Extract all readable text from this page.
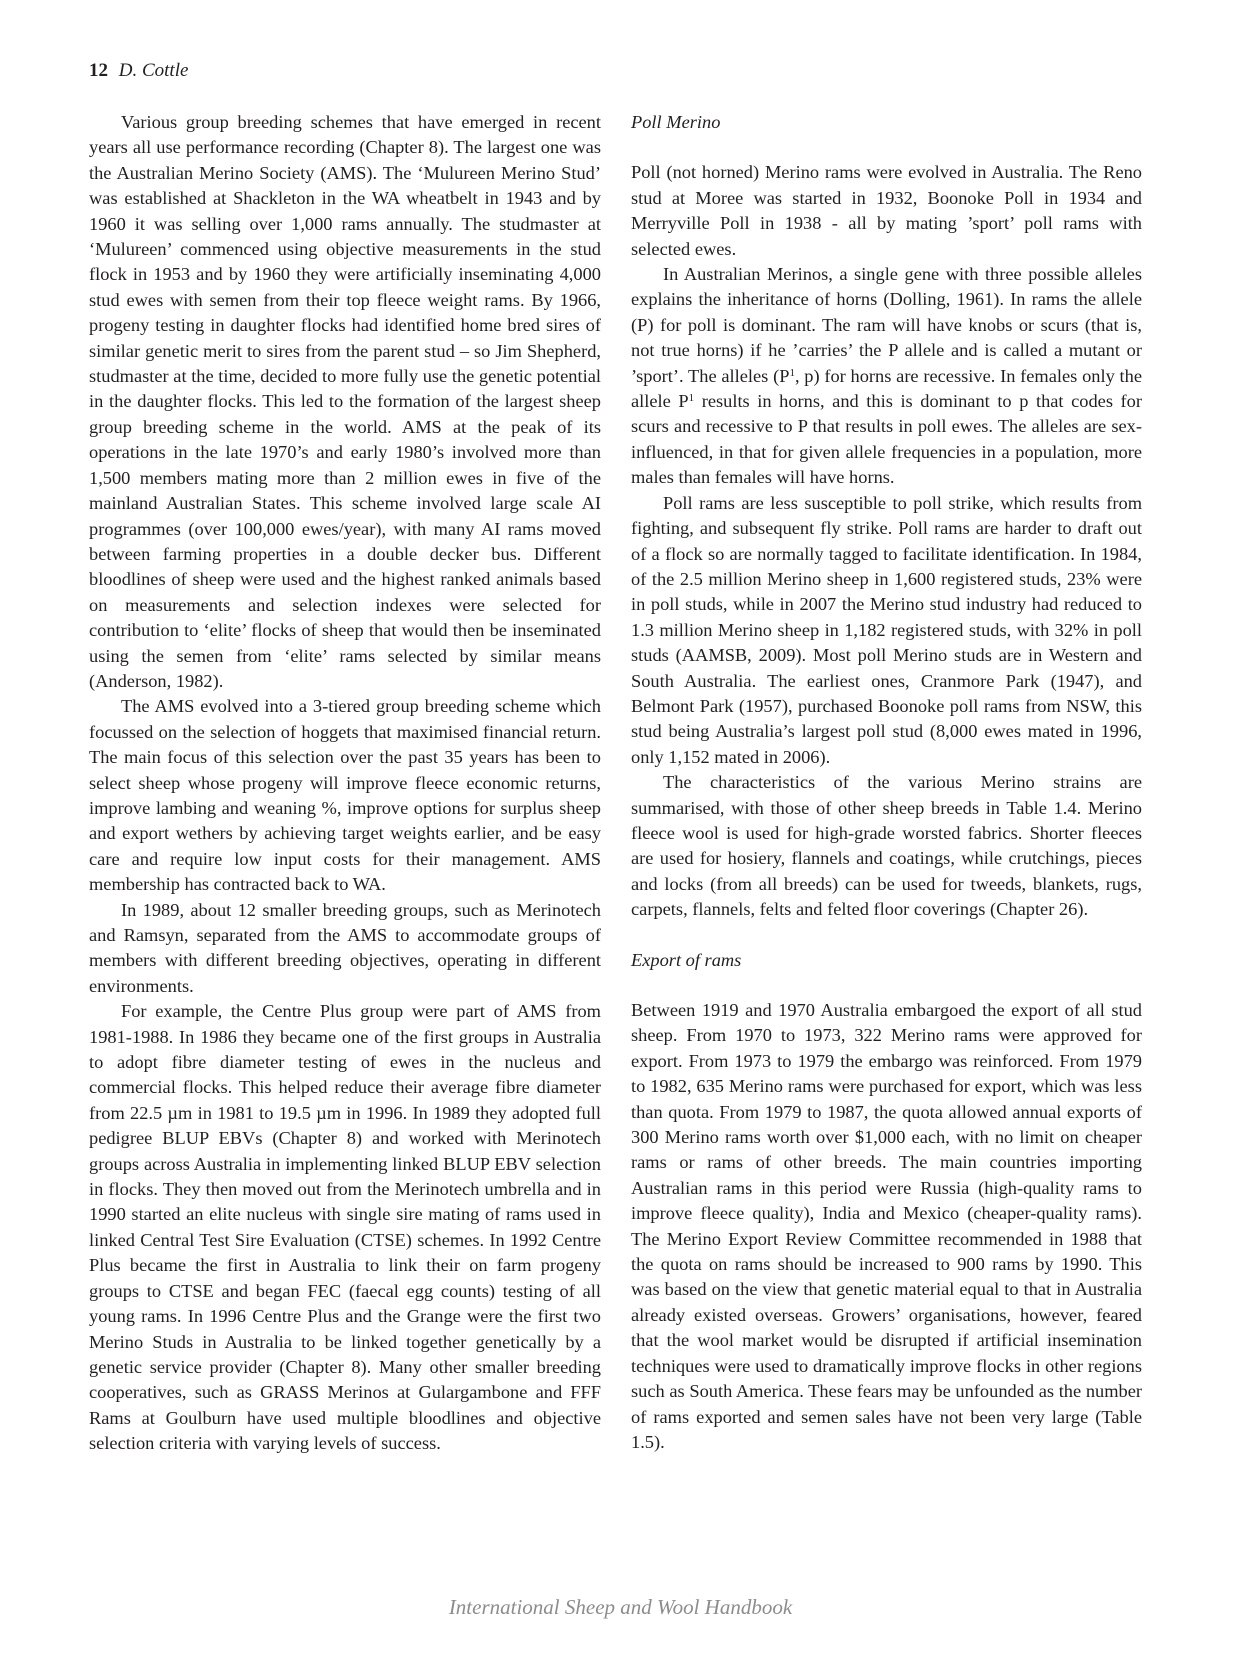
12 D. Cottle

Various group breeding schemes that have emerged in recent years all use performance recording (Chapter 8). The largest one was the Australian Merino Society (AMS). The ‘Mulureen Merino Stud’ was established at Shackleton in the WA wheatbelt in 1943 and by 1960 it was selling over 1,000 rams annually. The studmaster at ‘Mulureen’ commenced using objective measurements in the stud flock in 1953 and by 1960 they were artificially inseminating 4,000 stud ewes with semen from their top fleece weight rams. By 1966, progeny testing in daughter flocks had identified home bred sires of similar genetic merit to sires from the parent stud – so Jim Shepherd, studmaster at the time, decided to more fully use the genetic potential in the daughter flocks. This led to the formation of the largest sheep group breeding scheme in the world. AMS at the peak of its operations in the late 1970’s and early 1980’s involved more than 1,500 members mating more than 2 million ewes in five of the mainland Australian States. This scheme involved large scale AI programmes (over 100,000 ewes/year), with many AI rams moved between farming properties in a double decker bus. Different bloodlines of sheep were used and the highest ranked animals based on measurements and selection indexes were selected for contribution to ‘elite’ flocks of sheep that would then be inseminated using the semen from ‘elite’ rams selected by similar means (Anderson, 1982).

The AMS evolved into a 3-tiered group breeding scheme which focussed on the selection of hoggets that maximised financial return. The main focus of this selection over the past 35 years has been to select sheep whose progeny will improve fleece economic returns, improve lambing and weaning %, improve options for surplus sheep and export wethers by achieving target weights earlier, and be easy care and require low input costs for their management. AMS membership has contracted back to WA.

In 1989, about 12 smaller breeding groups, such as Merinotech and Ramsyn, separated from the AMS to accommodate groups of members with different breeding objectives, operating in different environments.

For example, the Centre Plus group were part of AMS from 1981-1988. In 1986 they became one of the first groups in Australia to adopt fibre diameter testing of ewes in the nucleus and commercial flocks. This helped reduce their average fibre diameter from 22.5 µm in 1981 to 19.5 µm in 1996. In 1989 they adopted full pedigree BLUP EBVs (Chapter 8) and worked with Merinotech groups across Australia in implementing linked BLUP EBV selection in flocks. They then moved out from the Merinotech umbrella and in 1990 started an elite nucleus with single sire mating of rams used in linked Central Test Sire Evaluation (CTSE) schemes. In 1992 Centre Plus became the first in Australia to link their on farm progeny groups to CTSE and began FEC (faecal egg counts) testing of all young rams. In 1996 Centre Plus and the Grange were the first two Merino Studs in Australia to be linked together genetically by a genetic service provider (Chapter 8). Many other smaller breeding cooperatives, such as GRASS Merinos at Gulargambone and FFF Rams at Goulburn have used multiple bloodlines and objective selection criteria with varying levels of success.

Poll Merino

Poll (not horned) Merino rams were evolved in Australia. The Reno stud at Moree was started in 1932, Boonoke Poll in 1934 and Merryville Poll in 1938 - all by mating ’sport’ poll rams with selected ewes.

In Australian Merinos, a single gene with three possible alleles explains the inheritance of horns (Dolling, 1961). In rams the allele (P) for poll is dominant. The ram will have knobs or scurs (that is, not true horns) if he ’carries’ the P allele and is called a mutant or ’sport’. The alleles ($P^1$, p) for horns are recessive. In females only the allele $P^1$ results in horns, and this is dominant to p that codes for scurs and recessive to P that results in poll ewes. The alleles are sex-influenced, in that for given allele frequencies in a population, more males than females will have horns.

Poll rams are less susceptible to poll strike, which results from fighting, and subsequent fly strike. Poll rams are harder to draft out of a flock so are normally tagged to facilitate identification. In 1984, of the 2.5 million Merino sheep in 1,600 registered studs, 23% were in poll studs, while in 2007 the Merino stud industry had reduced to 1.3 million Merino sheep in 1,182 registered studs, with 32% in poll studs (AAMSB, 2009). Most poll Merino studs are in Western and South Australia. The earliest ones, Cranmore Park (1947), and Belmont Park (1957), purchased Boonoke poll rams from NSW, this stud being Australia’s largest poll stud (8,000 ewes mated in 1996, only 1,152 mated in 2006).

The characteristics of the various Merino strains are summarised, with those of other sheep breeds in Table 1.4. Merino fleece wool is used for high-grade worsted fabrics. Shorter fleeces are used for hosiery, flannels and coatings, while crutchings, pieces and locks (from all breeds) can be used for tweeds, blankets, rugs, carpets, flannels, felts and felted floor coverings (Chapter 26).

Export of rams

Between 1919 and 1970 Australia embargoed the export of all stud sheep. From 1970 to 1973, 322 Merino rams were approved for export. From 1973 to 1979 the embargo was reinforced. From 1979 to 1982, 635 Merino rams were purchased for export, which was less than quota. From 1979 to 1987, the quota allowed annual exports of 300 Merino rams worth over $1,000 each, with no limit on cheaper rams or rams of other breeds. The main countries importing Australian rams in this period were Russia (high-quality rams to improve fleece quality), India and Mexico (cheaper-quality rams). The Merino Export Review Committee recommended in 1988 that the quota on rams should be increased to 900 rams by 1990. This was based on the view that genetic material equal to that in Australia already existed overseas. Growers’ organisations, however, feared that the wool market would be disrupted if artificial insemination techniques were used to dramatically improve flocks in other regions such as South America. These fears may be unfounded as the number of rams exported and semen sales have not been very large (Table 1.5).

International Sheep and Wool Handbook
